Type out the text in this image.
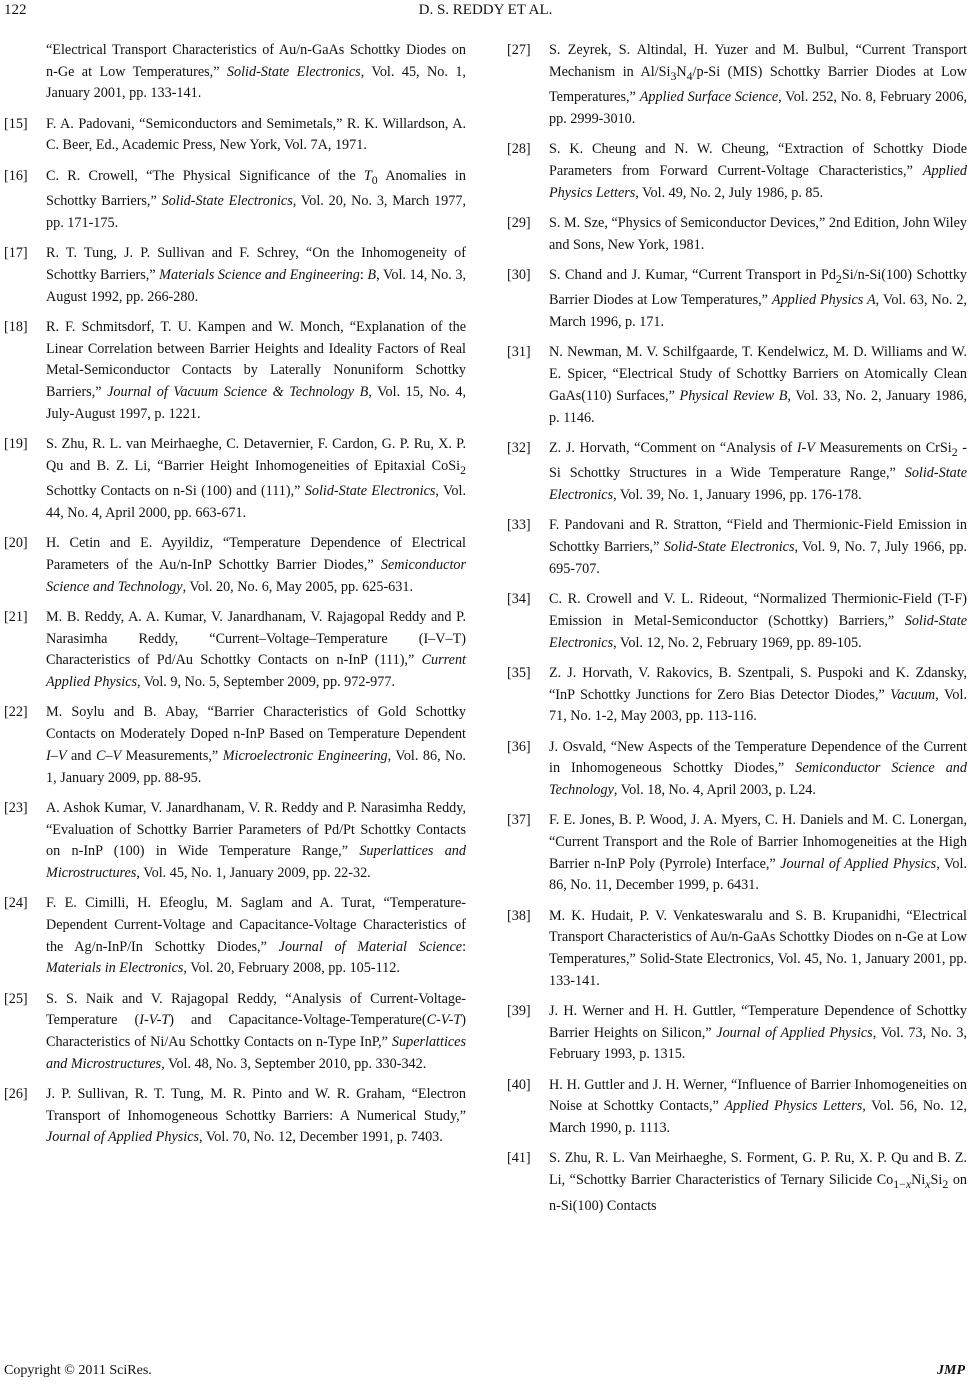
122	D. S. REDDY ET AL.
“Electrical Transport Characteristics of Au/n-GaAs Schottky Diodes on n-Ge at Low Temperatures,” Solid-State Electronics, Vol. 45, No. 1, January 2001, pp. 133-141.
[15]	F. A. Padovani, “Semiconductors and Semimetals,” R. K. Willardson, A. C. Beer, Ed., Academic Press, New York, Vol. 7A, 1971.
[16]	C. R. Crowell, “The Physical Significance of the $T_0$ Anomalies in Schottky Barriers,” Solid-State Electronics, Vol. 20, No. 3, March 1977, pp. 171-175.
[17]	R. T. Tung, J. P. Sullivan and F. Schrey, “On the Inhomogeneity of Schottky Barriers,” Materials Science and Engineering: B, Vol. 14, No. 3, August 1992, pp. 266-280.
[18]	R. F. Schmitsdorf, T. U. Kampen and W. Monch, “Explanation of the Linear Correlation between Barrier Heights and Ideality Factors of Real Metal-Semiconductor Contacts by Laterally Nonuniform Schottky Barriers,” Journal of Vacuum Science & Technology B, Vol. 15, No. 4, July-August 1997, p. 1221.
[19]	S. Zhu, R. L. van Meirhaeghe, C. Detavernier, F. Cardon, G. P. Ru, X. P. Qu and B. Z. Li, “Barrier Height Inhomogeneities of Epitaxial CoSi$_2$ Schottky Contacts on n-Si (100) and (111),” Solid-State Electronics, Vol. 44, No. 4, April 2000, pp. 663-671.
[20]	H. Cetin and E. Ayyildiz, “Temperature Dependence of Electrical Parameters of the Au/n-InP Schottky Barrier Diodes,” Semiconductor Science and Technology, Vol. 20, No. 6, May 2005, pp. 625-631.
[21]	M. B. Reddy, A. A. Kumar, V. Janardhanam, V. Rajagopal Reddy and P. Narasimha Reddy, “Current–Voltage–Temperature (I–V–T) Characteristics of Pd/Au Schottky Contacts on n-InP (111),” Current Applied Physics, Vol. 9, No. 5, September 2009, pp. 972-977.
[22]	M. Soylu and B. Abay, “Barrier Characteristics of Gold Schottky Contacts on Moderately Doped n-InP Based on Temperature Dependent I–V and C–V Measurements,” Microelectronic Engineering, Vol. 86, No. 1, January 2009, pp. 88-95.
[23]	A. Ashok Kumar, V. Janardhanam, V. R. Reddy and P. Narasimha Reddy, “Evaluation of Schottky Barrier Parameters of Pd/Pt Schottky Contacts on n-InP (100) in Wide Temperature Range,” Superlattices and Microstructures, Vol. 45, No. 1, January 2009, pp. 22-32.
[24]	F. E. Cimilli, H. Efeoglu, M. Saglam and A. Turat, “Temperature-Dependent Current-Voltage and Capacitance-Voltage Characteristics of the Ag/n-InP/In Schottky Diodes,” Journal of Material Science: Materials in Electronics, Vol. 20, February 2008, pp. 105-112.
[25]	S. S. Naik and V. Rajagopal Reddy, “Analysis of Current-Voltage-Temperature (I-V-T) and Capacitance-Voltage-Temperature(C-V-T) Characteristics of Ni/Au Schottky Contacts on n-Type InP,” Superlattices and Microstructures, Vol. 48, No. 3, September 2010, pp. 330-342.
[26]	J. P. Sullivan, R. T. Tung, M. R. Pinto and W. R. Graham, “Electron Transport of Inhomogeneous Schottky Barriers: A Numerical Study,” Journal of Applied Physics, Vol. 70, No. 12, December 1991, p. 7403.
[27]	S. Zeyrek, S. Altindal, H. Yuzer and M. Bulbul, “Current Transport Mechanism in $Al/Si_3N_4/p-Si$ (MIS) Schottky Barrier Diodes at Low Temperatures,” Applied Surface Science, Vol. 252, No. 8, February 2006, pp. 2999-3010.
[28]	S. K. Cheung and N. W. Cheung, “Extraction of Schottky Diode Parameters from Forward Current-Voltage Characteristics,” Applied Physics Letters, Vol. 49, No. 2, July 1986, p. 85.
[29]	S. M. Sze, “Physics of Semiconductor Devices,” 2nd Edition, John Wiley and Sons, New York, 1981.
[30]	S. Chand and J. Kumar, “Current Transport in $Pd_2Si/n-Si(100)$ Schottky Barrier Diodes at Low Temperatures,” Applied Physics A, Vol. 63, No. 2, March 1996, p. 171.
[31]	N. Newman, M. V. Schilfgaarde, T. Kendelwicz, M. D. Williams and W. E. Spicer, “Electrical Study of Schottky Barriers on Atomically Clean GaAs(110) Surfaces,” Physical Review B, Vol. 33, No. 2, January 1986, p. 1146.
[32]	Z. J. Horvath, “Comment on “Analysis of I-V Measurements on CrSi$_2$ - Si Schottky Structures in a Wide Temperature Range,” Solid-State Electronics, Vol. 39, No. 1, January 1996, pp. 176-178.
[33]	F. Pandovani and R. Stratton, “Field and Thermionic-Field Emission in Schottky Barriers,” Solid-State Electronics, Vol. 9, No. 7, July 1966, pp. 695-707.
[34]	C. R. Crowell and V. L. Rideout, “Normalized Thermionic-Field (T-F) Emission in Metal-Semiconductor (Schottky) Barriers,” Solid-State Electronics, Vol. 12, No. 2, February 1969, pp. 89-105.
[35]	Z. J. Horvath, V. Rakovics, B. Szentpali, S. Puspoki and K. Zdansky, “InP Schottky Junctions for Zero Bias Detector Diodes,” Vacuum, Vol. 71, No. 1-2, May 2003, pp. 113-116.
[36]	J. Osvald, “New Aspects of the Temperature Dependence of the Current in Inhomogeneous Schottky Diodes,” Semiconductor Science and Technology, Vol. 18, No. 4, April 2003, p. L24.
[37]	F. E. Jones, B. P. Wood, J. A. Myers, C. H. Daniels and M. C. Lonergan, “Current Transport and the Role of Barrier Inhomogeneities at the High Barrier n-InP Poly (Pyrrole) Interface,” Journal of Applied Physics, Vol. 86, No. 11, December 1999, p. 6431.
[38]	M. K. Hudait, P. V. Venkateswaralu and S. B. Krupanidhi, “Electrical Transport Characteristics of Au/n-GaAs Schottky Diodes on n-Ge at Low Temperatures,” Solid-State Electronics, Vol. 45, No. 1, January 2001, pp. 133-141.
[39]	J. H. Werner and H. H. Guttler, “Temperature Dependence of Schottky Barrier Heights on Silicon,” Journal of Applied Physics, Vol. 73, No. 3, February 1993, p. 1315.
[40]	H. H. Guttler and J. H. Werner, “Influence of Barrier Inhomogeneities on Noise at Schottky Contacts,” Applied Physics Letters, Vol. 56, No. 12, March 1990, p. 1113.
[41]	S. Zhu, R. L. Van Meirhaeghe, S. Forment, G. P. Ru, X. P. Qu and B. Z. Li, “Schottky Barrier Characteristics of Ternary Silicide $Co_{1-x}Ni_xSi_2$ on n-Si(100) Contacts
Copyright © 2011 SciRes.	JMP
